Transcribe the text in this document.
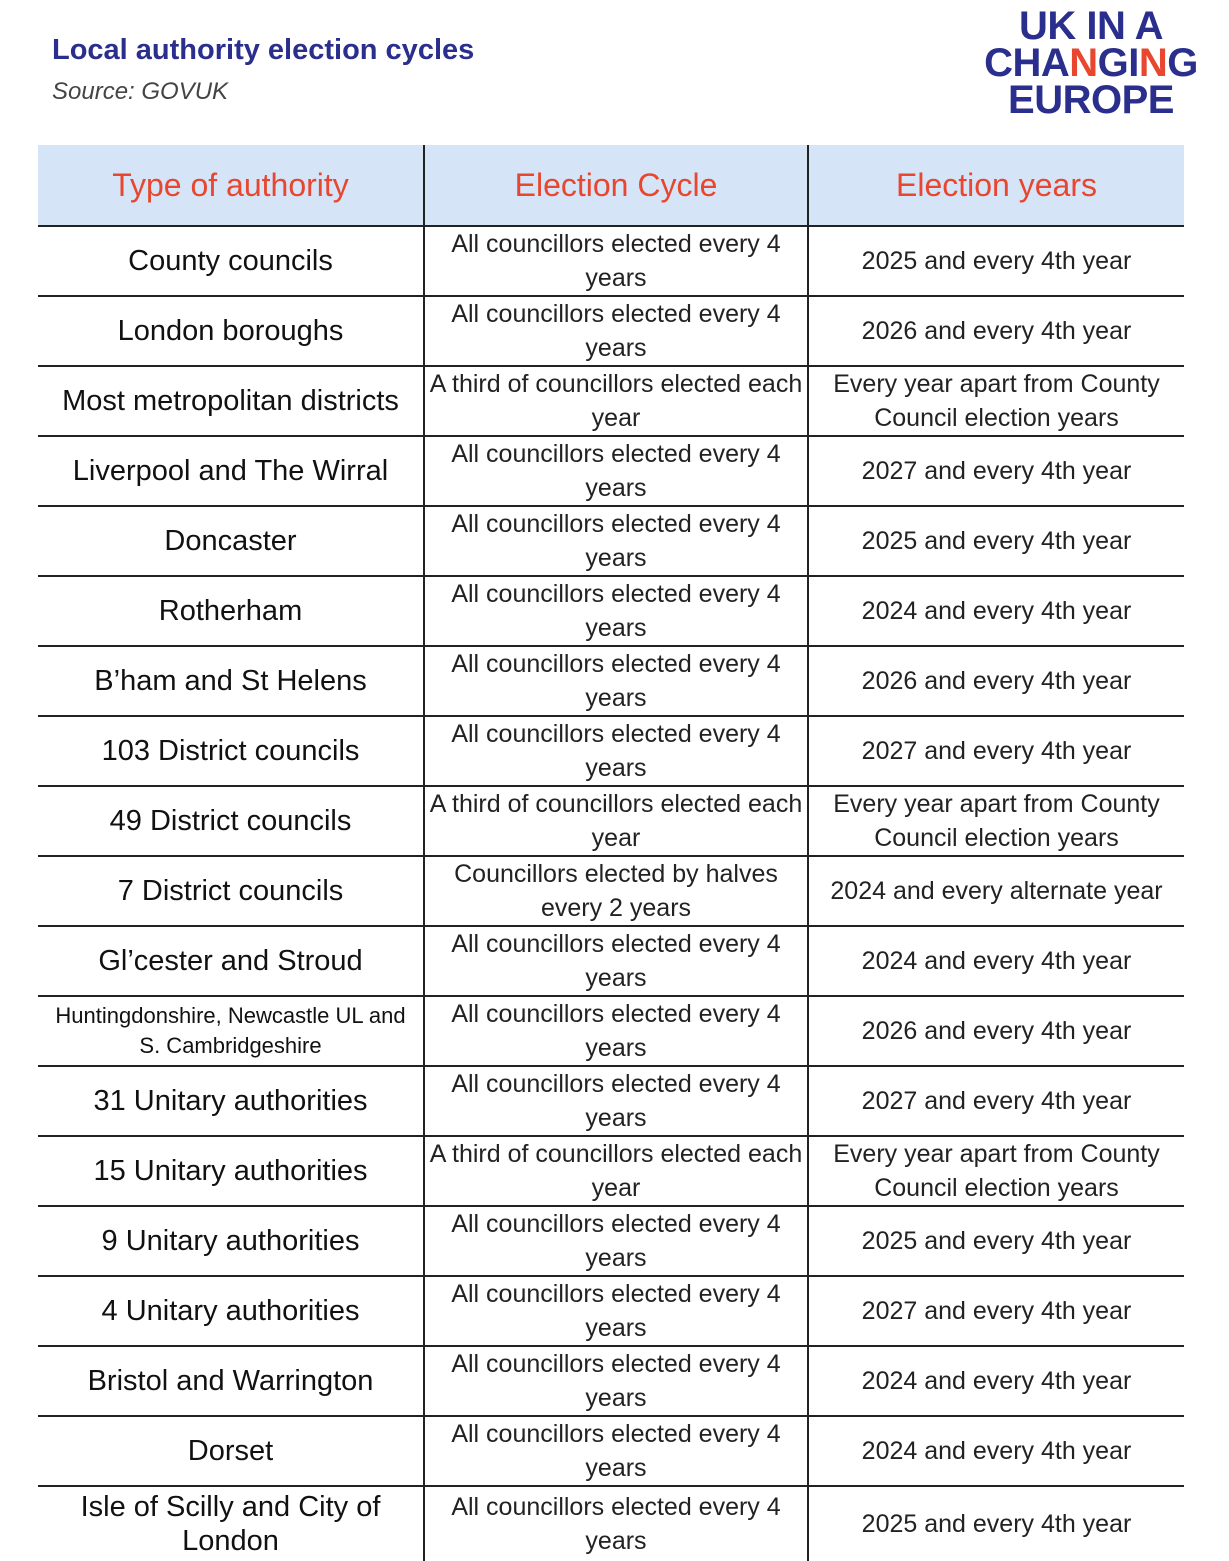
Local authority election cycles
Source: GOVUK
UK IN A
CHANGING
EUROPE
Type of authority	Election Cycle	Election years
County councils	All councillors elected every 4 years	2025 and every 4th year
London boroughs	All councillors elected every 4 years	2026 and every 4th year
Most metropolitan districts	A third of councillors elected each year	Every year apart from County Council election years
Liverpool and The Wirral	All councillors elected every 4 years	2027 and every 4th year
Doncaster	All councillors elected every 4 years	2025 and every 4th year
Rotherham	All councillors elected every 4 years	2024 and every 4th year
B’ham and St Helens	All councillors elected every 4 years	2026 and every 4th year
103 District councils	All councillors elected every 4 years	2027 and every 4th year
49 District councils	A third of councillors elected each year	Every year apart from County Council election years
7 District councils	Councillors elected by halves every 2 years	2024 and every alternate year
Gl’cester and Stroud	All councillors elected every 4 years	2024 and every 4th year
Huntingdonshire, Newcastle UL and S. Cambridgeshire	All councillors elected every 4 years	2026 and every 4th year
31 Unitary authorities	All councillors elected every 4 years	2027 and every 4th year
15 Unitary authorities	A third of councillors elected each year	Every year apart from County Council election years
9 Unitary authorities	All councillors elected every 4 years	2025 and every 4th year
4 Unitary authorities	All councillors elected every 4 years	2027 and every 4th year
Bristol and Warrington	All councillors elected every 4 years	2024 and every 4th year
Dorset	All councillors elected every 4 years	2024 and every 4th year
Isle of Scilly and City of London	All councillors elected every 4 years	2025 and every 4th year
